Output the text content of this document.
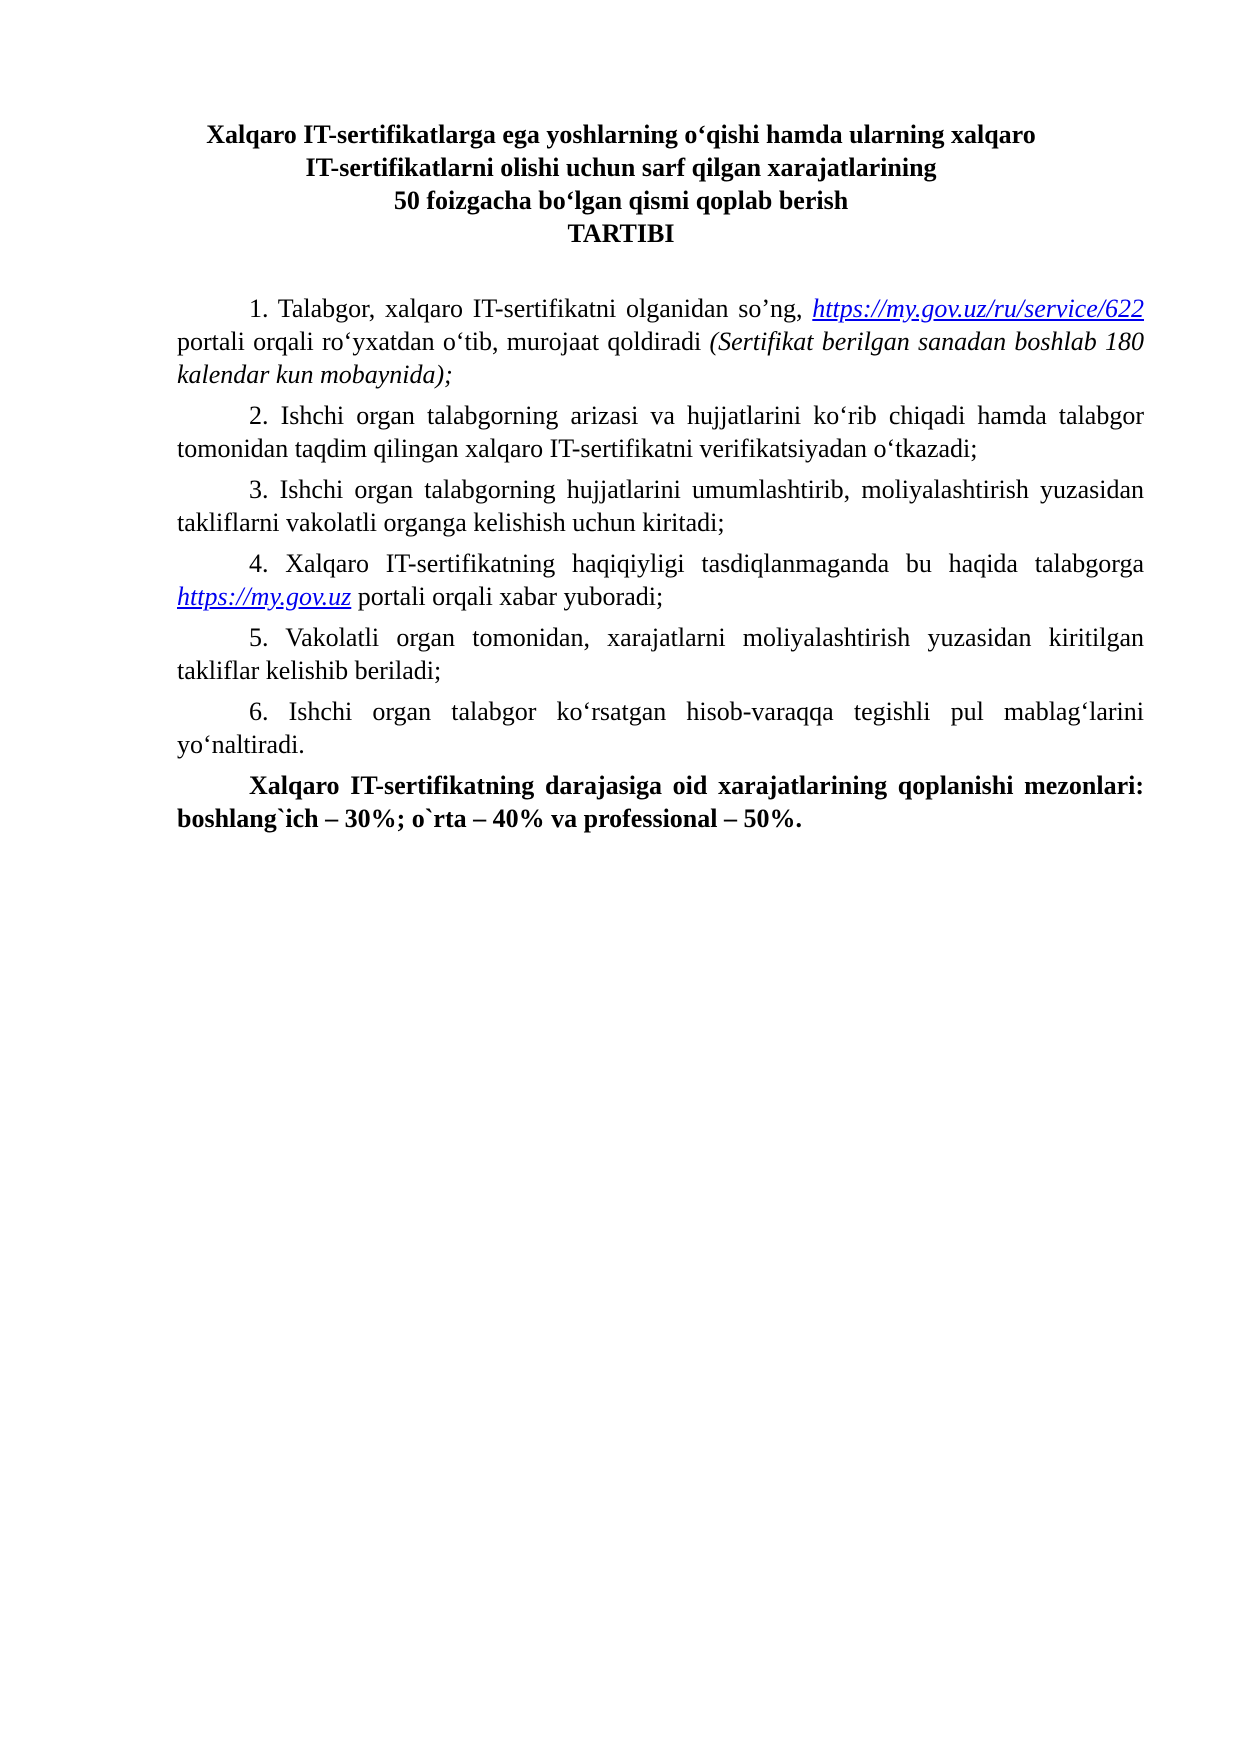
Xalqaro IT-sertifikatlarga ega yoshlarning o‘qishi hamda ularning xalqaro
IT-sertifikatlarni olishi uchun sarf qilgan xarajatlarining
50 foizgacha bo‘lgan qismi qoplab berish
TARTIBI

1. Talabgor, xalqaro IT-sertifikatni olganidan so’ng, https://my.gov.uz/ru/service/622 portali orqali ro‘yxatdan o‘tib, murojaat qoldiradi (Sertifikat berilgan sanadan boshlab 180 kalendar kun mobaynida);

2. Ishchi organ talabgorning arizasi va hujjatlarini ko‘rib chiqadi hamda talabgor tomonidan taqdim qilingan xalqaro IT-sertifikatni verifikatsiyadan o‘tkazadi;

3. Ishchi organ talabgorning hujjatlarini umumlashtirib, moliyalashtirish yuzasidan takliflarni vakolatli organga kelishish uchun kiritadi;

4. Xalqaro IT-sertifikatning haqiqiyligi tasdiqlanmaganda bu haqida talabgorga https://my.gov.uz portali orqali xabar yuboradi;

5. Vakolatli organ tomonidan, xarajatlarni moliyalashtirish yuzasidan kiritilgan takliflar kelishib beriladi;

6. Ishchi organ talabgor ko‘rsatgan hisob-varaqqa tegishli pul mablag‘larini yo‘naltiradi.

Xalqaro IT-sertifikatning darajasiga oid xarajatlarining qoplanishi mezonlari: boshlang`ich – 30%; o`rta – 40% va professional – 50%.
